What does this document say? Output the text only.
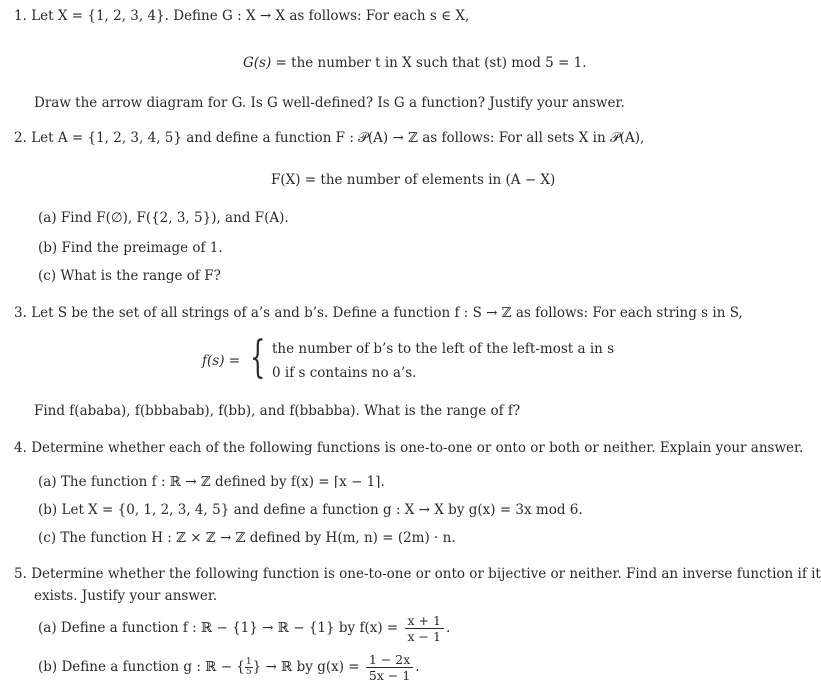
1. Let X = {1, 2, 3, 4}. Define G : X → X as follows: For each s ∈ X,
G(s) = the number t in X such that (st) mod 5 = 1.
Draw the arrow diagram for G. Is G well-defined? Is G a function? Justify your answer.
2. Let A = {1, 2, 3, 4, 5} and define a function F : 𝒫(A) → ℤ as follows: For all sets X in 𝒫(A),
F(X) = the number of elements in (A − X)
(a) Find F(∅), F({2, 3, 5}), and F(A).
(b) Find the preimage of 1.
(c) What is the range of F?
3. Let S be the set of all strings of a’s and b’s. Define a function f : S → ℤ as follows: For each string s in S,
f(s) = { the number of b’s to the left of the left-most a in s
0 if s contains no a’s.
Find f(ababa), f(bbbabab), f(bb), and f(bbabba). What is the range of f?
4. Determine whether each of the following functions is one-to-one or onto or both or neither. Explain your answer.
(a) The function f : ℝ → ℤ defined by f(x) = ⌈x − 1⌉.
(b) Let X = {0, 1, 2, 3, 4, 5} and define a function g : X → X by g(x) = 3x mod 6.
(c) The function H : ℤ × ℤ → ℤ defined by H(m, n) = (2m) · n.
5. Determine whether the following function is one-to-one or onto or bijective or neither. Find an inverse function if it
exists. Justify your answer.
(a) Define a function f : ℝ − {1} → ℝ − {1} by $f(x) = \frac{x + 1}{x - 1}$ .
(b) Define a function g : ℝ − { $\frac{1}{5}$ } → ℝ by $g(x) = \frac{1 - 2x}{5x - 1}$ .
